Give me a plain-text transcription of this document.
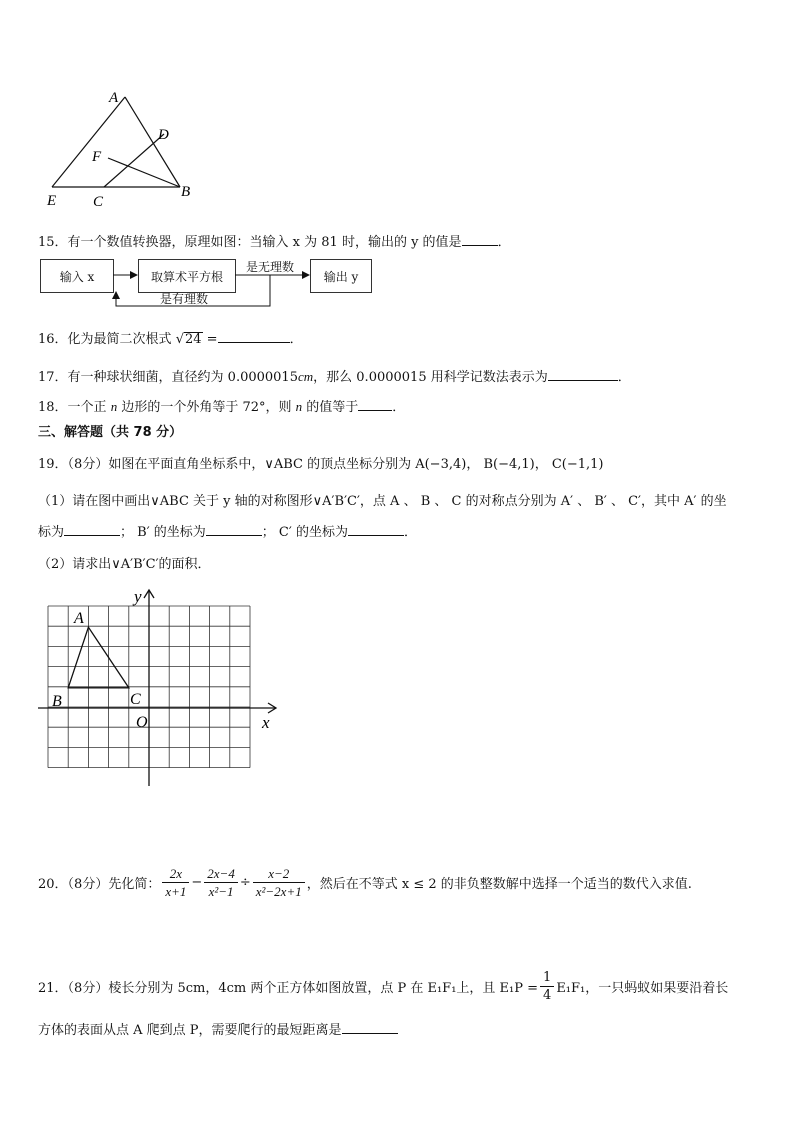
A
D
F
E C
B
15．有一个数值转换器，原理如图：当输入 x 为 81 时，输出的 y 的值是	．
输入 x	取算术平方根	输出 y
是无理数
是有理数
16．化为最简二次根式 √24 =	．
17．有一种球状细菌，直径约为 0.0000015cm，那么 0.0000015 用科学记数法表示为	．
18．一个正 n 边形的一个外角等于 72°，则 n 的值等于	．
三、解答题（共 78 分）
19．（8分）如图在平面直角坐标系中，∨ABC 的顶点坐标分别为 A(−3,4)， B(−4,1)， C(−1,1)
（1）请在图中画出∨ABC 关于 y 轴的对称图形∨A′B′C′，点 A 、 B 、 C 的对称点分别为 A′ 、 B′ 、 C′，其中 A′ 的坐
标为	； B′ 的坐标为	； C′ 的坐标为	．
（2）请求出∨A′B′C′的面积．
y
x
A
B	C
O
20．（8分）先化简： $\frac{2x}{x+1} - \frac{2x-4}{\text{x²−1}} \div \frac{x-2}{\text{x²−2x+1}}$ ，然后在不等式 x ≤ 2 的非负整数解中选择一个适当的数代入求值.
21．（8分）棱长分别为 5cm，4cm 两个正方体如图放置，点 P 在 E₁F₁上，且 $E_1P = \frac{1}{4} E_1F_1$，一只蚂蚁如果要沿着长
方体的表面从点 A 爬到点 P，需要爬行的最短距离是
